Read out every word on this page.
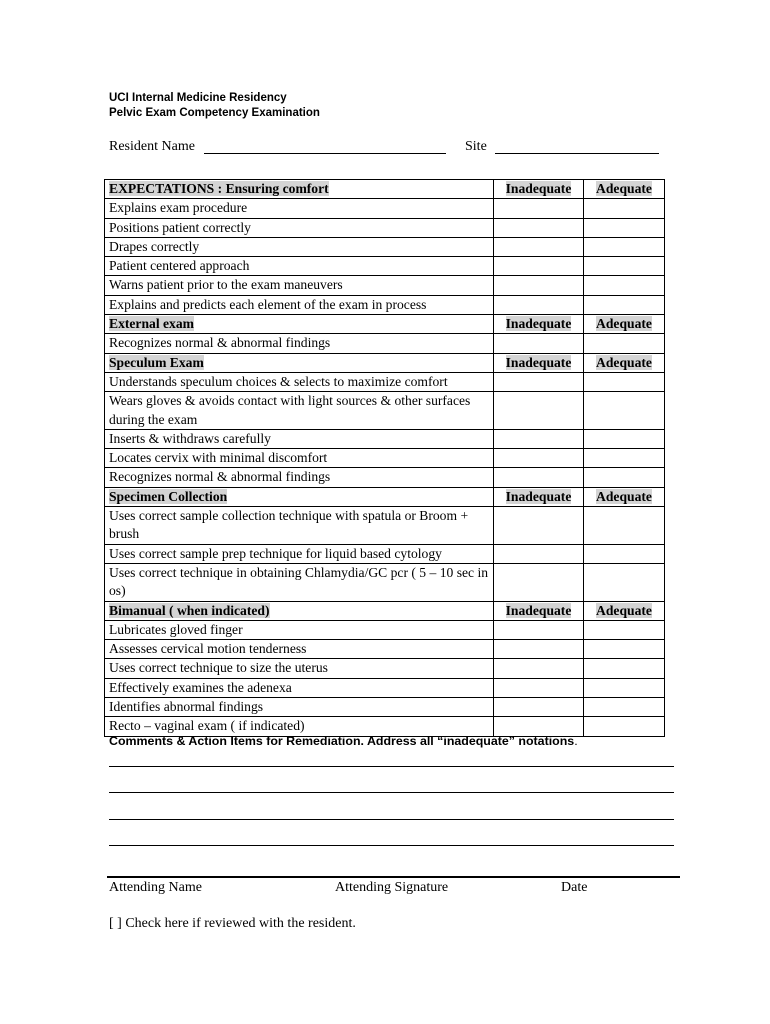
UCI Internal Medicine Residency
Pelvic Exam Competency Examination
Resident Name	Site
EXPECTATIONS : Ensuring comfort	Inadequate	Adequate
Explains exam procedure		
Positions patient correctly		
Drapes correctly		
Patient centered approach		
Warns patient prior to the exam maneuvers		
Explains and predicts each element of the exam in process		
External exam	Inadequate	Adequate
Recognizes normal & abnormal findings		
Speculum Exam	Inadequate	Adequate
Understands speculum choices & selects to maximize comfort		
Wears gloves & avoids contact with light sources & other surfaces during the exam		
Inserts & withdraws carefully		
Locates cervix with minimal discomfort		
Recognizes normal & abnormal findings		
Specimen Collection	Inadequate	Adequate
Uses correct sample collection technique with spatula or Broom + brush		
Uses correct sample prep technique for liquid based cytology		
Uses correct technique in obtaining Chlamydia/GC pcr ( 5 – 10 sec in os)		
Bimanual ( when indicated)	Inadequate	Adequate
Lubricates gloved finger		
Assesses cervical motion tenderness		
Uses correct technique to size the uterus		
Effectively examines the adenexa		
Identifies abnormal findings		
Recto – vaginal exam ( if indicated)		
Comments & Action Items for Remediation. Address all “inadequate” notations.
Attending Name	Attending Signature	Date
[ ] Check here if reviewed with the resident.
